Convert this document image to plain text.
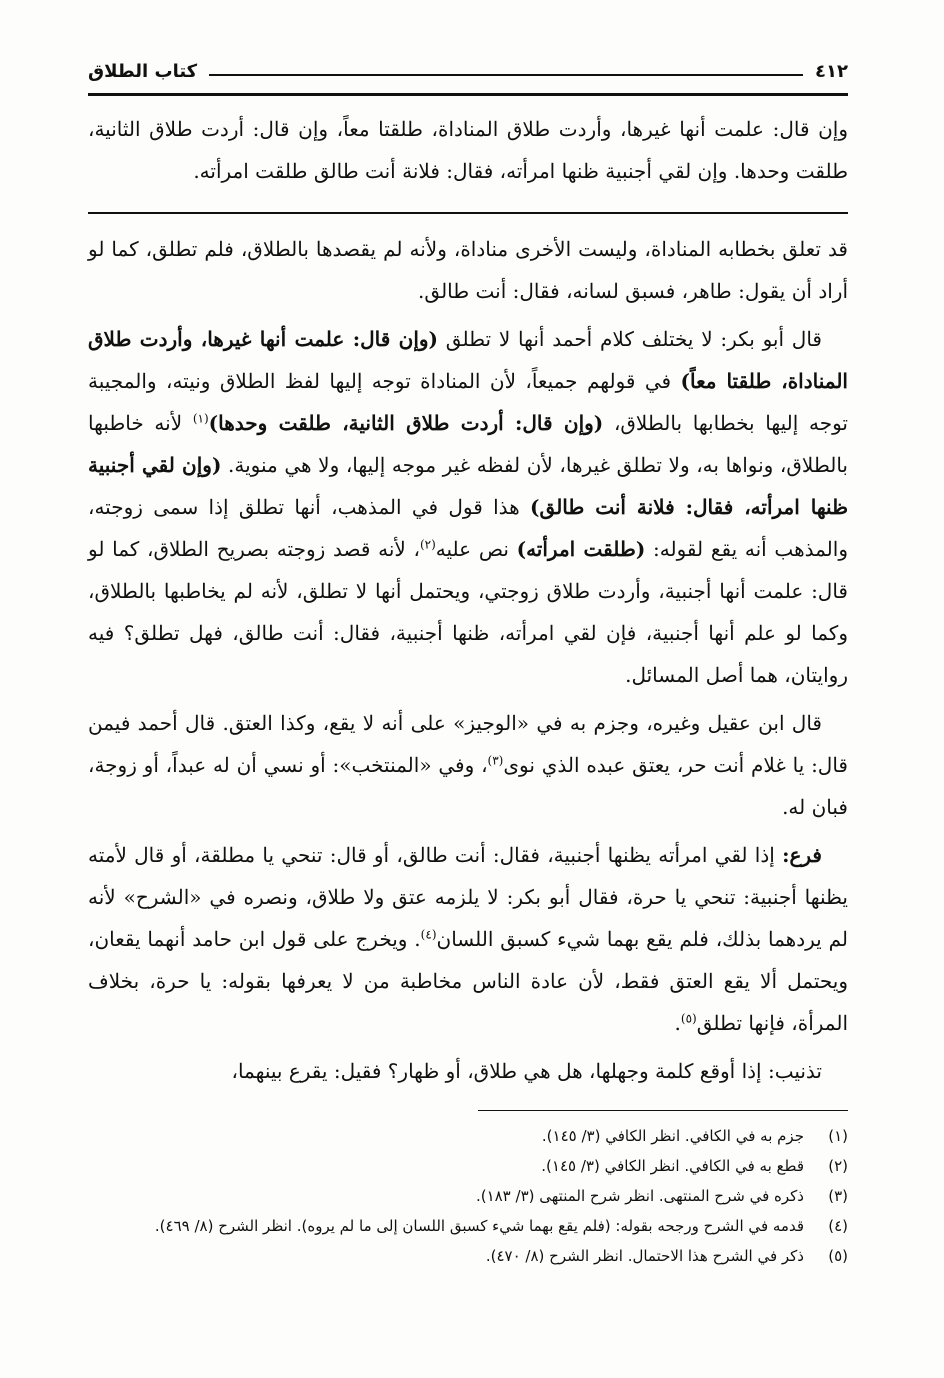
٤١٢
كتاب الطلاق

وإن قال: علمت أنها غيرها، وأردت طلاق المناداة، طلقتا معاً، وإن قال: أردت طلاق الثانية، طلقت وحدها. وإن لقي أجنبية ظنها امرأته، فقال: فلانة أنت طالق طلقت امرأته.

قد تعلق بخطابه المناداة، وليست الأخرى مناداة، ولأنه لم يقصدها بالطلاق، فلم تطلق، كما لو أراد أن يقول: طاهر، فسبق لسانه، فقال: أنت طالق.

قال أبو بكر: لا يختلف كلام أحمد أنها لا تطلق (وإن قال: علمت أنها غيرها، وأردت طلاق المناداة، طلقتا معاً) في قولهم جميعاً، لأن المناداة توجه إليها لفظ الطلاق ونيته، والمجيبة توجه إليها بخطابها بالطلاق، (وإن قال: أردت طلاق الثانية، طلقت وحدها)$^{(١)}$ لأنه خاطبها بالطلاق، ونواها به، ولا تطلق غيرها، لأن لفظه غير موجه إليها، ولا هي منوية. (وإن لقي أجنبية ظنها امرأته، فقال: فلانة أنت طالق) هذا قول في المذهب، أنها تطلق إذا سمى زوجته، والمذهب أنه يقع لقوله: (طلقت امرأته) نص عليه$^{(٢)}$، لأنه قصد زوجته بصريح الطلاق، كما لو قال: علمت أنها أجنبية، وأردت طلاق زوجتي، ويحتمل أنها لا تطلق، لأنه لم يخاطبها بالطلاق، وكما لو علم أنها أجنبية، فإن لقي امرأته، ظنها أجنبية، فقال: أنت طالق، فهل تطلق؟ فيه روايتان، هما أصل المسائل.

قال ابن عقيل وغيره، وجزم به في «الوجيز» على أنه لا يقع، وكذا العتق. قال أحمد فيمن قال: يا غلام أنت حر، يعتق عبده الذي نوى$^{(٣)}$، وفي «المنتخب»: أو نسي أن له عبداً، أو زوجة، فبان له.

فرع: إذا لقي امرأته يظنها أجنبية، فقال: أنت طالق، أو قال: تنحي يا مطلقة، أو قال لأمته يظنها أجنبية: تنحي يا حرة، فقال أبو بكر: لا يلزمه عتق ولا طلاق، ونصره في «الشرح» لأنه لم يردهما بذلك، فلم يقع بهما شيء كسبق اللسان$^{(٤)}$. ويخرج على قول ابن حامد أنهما يقعان، ويحتمل ألا يقع العتق فقط، لأن عادة الناس مخاطبة من لا يعرفها بقوله: يا حرة، بخلاف المرأة، فإنها تطلق$^{(٥)}$.

تذنيب: إذا أوقع كلمة وجهلها، هل هي طلاق، أو ظهار؟ فقيل: يقرع بينهما،

(١)
جزم به في الكافي. انظر الكافي (٣/ ١٤٥).
(٢)
قطع به في الكافي. انظر الكافي (٣/ ١٤٥).
(٣)
ذكره في شرح المنتهى. انظر شرح المنتهى (٣/ ١٨٣).
(٤)
قدمه في الشرح ورجحه بقوله: (فلم يقع بهما شيء كسبق اللسان إلى ما لم يروه). انظر الشرح (٨/ ٤٦٩).
(٥)
ذكر في الشرح هذا الاحتمال. انظر الشرح (٨/ ٤٧٠).
